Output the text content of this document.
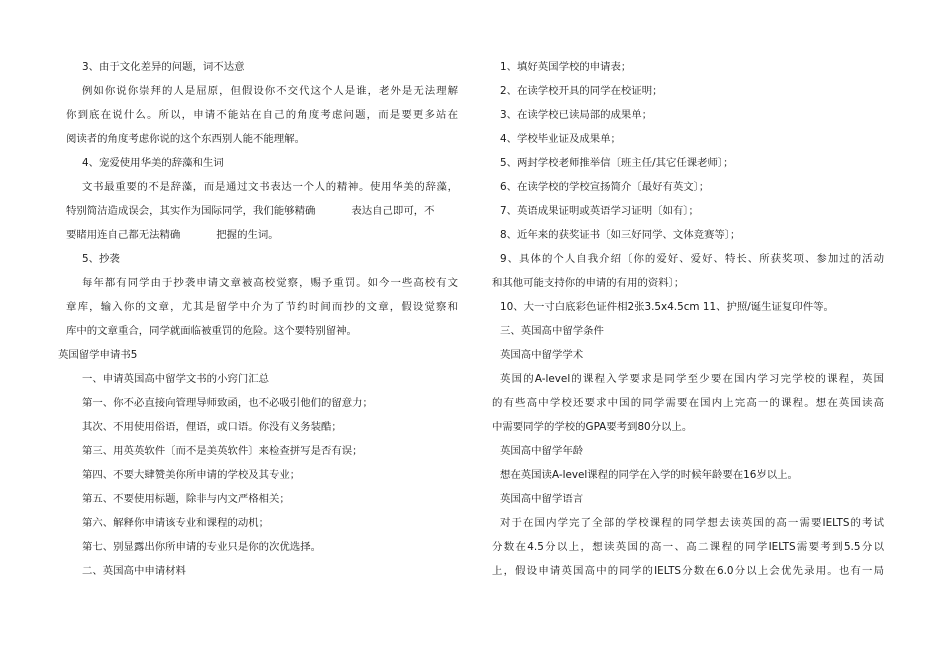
3、由于文化差异的问题，词不达意
例如你说你崇拜的人是屈原，但假设你不交代这个人是谁，老外是无法理解
你到底在说什么。所以，申请不能站在自己的角度考虑问题，而是要更多站在
阅读者的角度考虑你说的这个东西别人能不能理解。
4、宠爱使用华美的辞藻和生词
文书最重要的不是辞藻，而是通过文书表达一个人的精神。使用华美的辞藻，
特别简洁造成误会，其实作为国际同学，我们能够精确	表达自己即可，不
要睹用连自己都无法精确	把握的生词。
5、抄袭
每年都有同学由于抄袭申请文章被高校觉察，赐予重罚。如今一些高校有文
章库，输入你的文章，尤其是留学中介为了节约时间而抄的文章，假设觉察和
库中的文章重合，同学就面临被重罚的危险。这个要特别留神。
英国留学申请书5
一、申请英国高中留学文书的小窍门汇总
第一、你不必直接向管理导师致函，也不必吸引他们的留意力；
其次、不用使用俗语，俚语，或口语。你没有义务装酷；
第三、用英英软件〔而不是美英软件〕来检查拼写是否有误；
第四、不要大肆赞美你所申请的学校及其专业；
第五、不要使用标题，除非与内文严格相关；
第六、解释你申请该专业和课程的动机；
第七、别显露出你所申请的专业只是你的次优选择。
二、英国高中申请材料
1、填好英国学校的申请表；
2、在读学校开具的同学在校证明；
3、在读学校已读局部的成果单；
4、学校毕业证及成果单；
5、两封学校老师推举信〔班主任/其它任课老师〕；
6、在读学校的学校宣扬简介〔最好有英文〕；
7、英语成果证明或英语学习证明〔如有〕；
8、近年来的获奖证书〔如三好同学、文体竞赛等〕；
9、具体的个人自我介绍〔你的爱好、爱好、特长、所获奖项、参加过的活动
和其他可能支持你的申请的有用的资料〕；
10、大一寸白底彩色证件相2张3.5x4.5cm 11、护照/诞生证复印件等。
三、英国高中留学条件
英国高中留学学术
英国的A-level的课程入学要求是同学至少要在国内学习完学校的课程，英国
的有些高中学校还要求中国的同学需要在国内上完高一的课程。想在英国读高
中需要同学的学校的GPA要考到80分以上。
英国高中留学年龄
想在英国读A-level课程的同学在入学的时候年龄要在16岁以上。
英国高中留学语言
对于在国内学完了全部的学校课程的同学想去读英国的高一需要IELTS的考试
分数在4.5分以上，想读英国的高一、高二课程的同学IELTS需要考到5.5分以
上，假设申请英国高中的同学的IELTS分数在6.0分以上会优先录用。也有一局
